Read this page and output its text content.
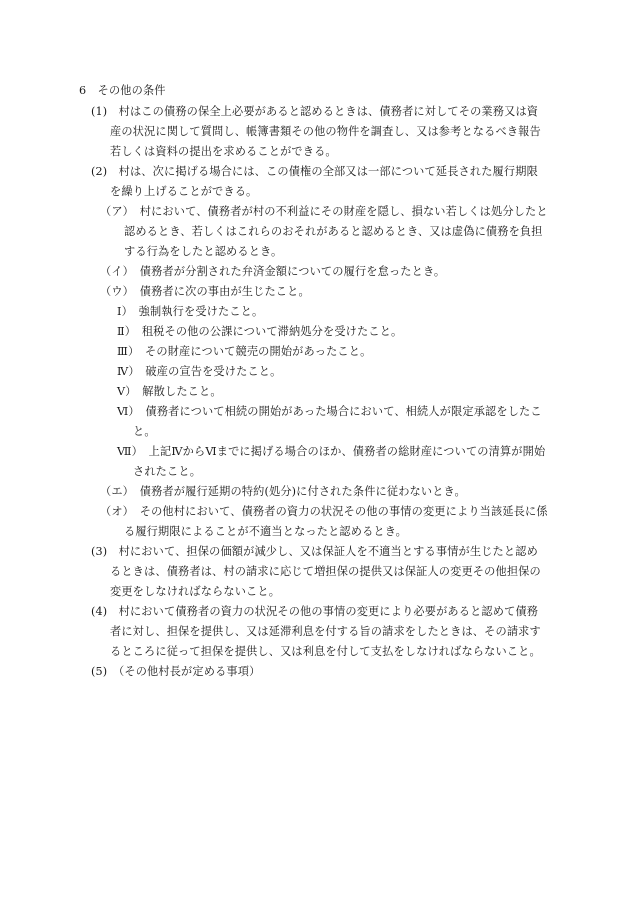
6　その他の条件
(1)　村はこの債務の保全上必要があると認めるときは、債務者に対してその業務又は資
産の状況に関して質問し、帳簿書類その他の物件を調査し、又は参考となるべき報告
若しくは資料の提出を求めることができる。
(2)　村は、次に掲げる場合には、この債権の全部又は一部について延長された履行期限
を繰り上げることができる。
（ア）　村において、債務者が村の不利益にその財産を隠し、損ない若しくは処分したと
認めるとき、若しくはこれらのおそれがあると認めるとき、又は虚偽に債務を負担
する行為をしたと認めるとき。
（イ）　債務者が分割された弁済金額についての履行を怠ったとき。
（ウ）　債務者に次の事由が生じたこと。
Ⅰ）　強制執行を受けたこと。
Ⅱ）　租税その他の公課について滞納処分を受けたこと。
Ⅲ）　その財産について競売の開始があったこと。
Ⅳ）　破産の宣告を受けたこと。
Ⅴ）　解散したこと。
Ⅵ）　債務者について相続の開始があった場合において、相続人が限定承認をしたこ
と。
Ⅶ）　上記ⅣからⅥまでに掲げる場合のほか、債務者の総財産についての清算が開始
されたこと。
（エ）　債務者が履行延期の特約(処分)に付された条件に従わないとき。
（オ）　その他村において、債務者の資力の状況その他の事情の変更により当該延長に係
る履行期限によることが不適当となったと認めるとき。
(3)　村において、担保の価額が減少し、又は保証人を不適当とする事情が生じたと認め
るときは、債務者は、村の請求に応じて増担保の提供又は保証人の変更その他担保の
変更をしなければならないこと。
(4)　村において債務者の資力の状況その他の事情の変更により必要があると認めて債務
者に対し、担保を提供し、又は延滞利息を付する旨の請求をしたときは、その請求す
るところに従って担保を提供し、又は利息を付して支払をしなければならないこと。
(5)　（その他村長が定める事項）
